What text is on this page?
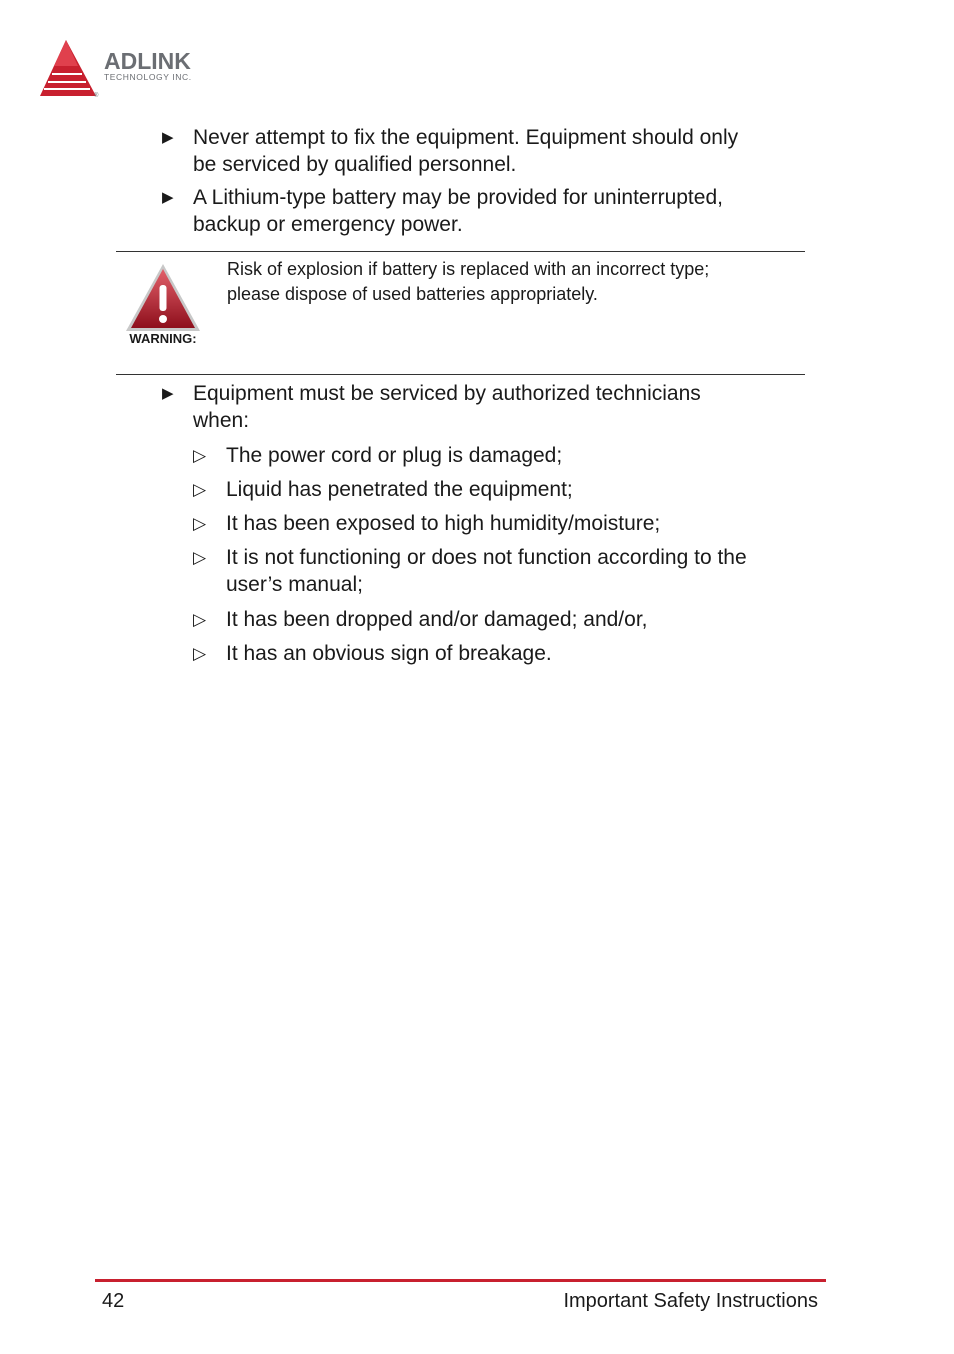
ADLINK
TECHNOLOGY INC.
®
▶ Never attempt to fix the equipment. Equipment should only
be serviced by qualified personnel.
▶ A Lithium-type battery may be provided for uninterrupted,
backup or emergency power.
WARNING:
Risk of explosion if battery is replaced with an incorrect type;
please dispose of used batteries appropriately.
▶ Equipment must be serviced by authorized technicians
when:
▷ The power cord or plug is damaged;
▷ Liquid has penetrated the equipment;
▷ It has been exposed to high humidity/moisture;
▷ It is not functioning or does not function according to the
user’s manual;
▷ It has been dropped and/or damaged; and/or,
▷ It has an obvious sign of breakage.
42	Important Safety Instructions
